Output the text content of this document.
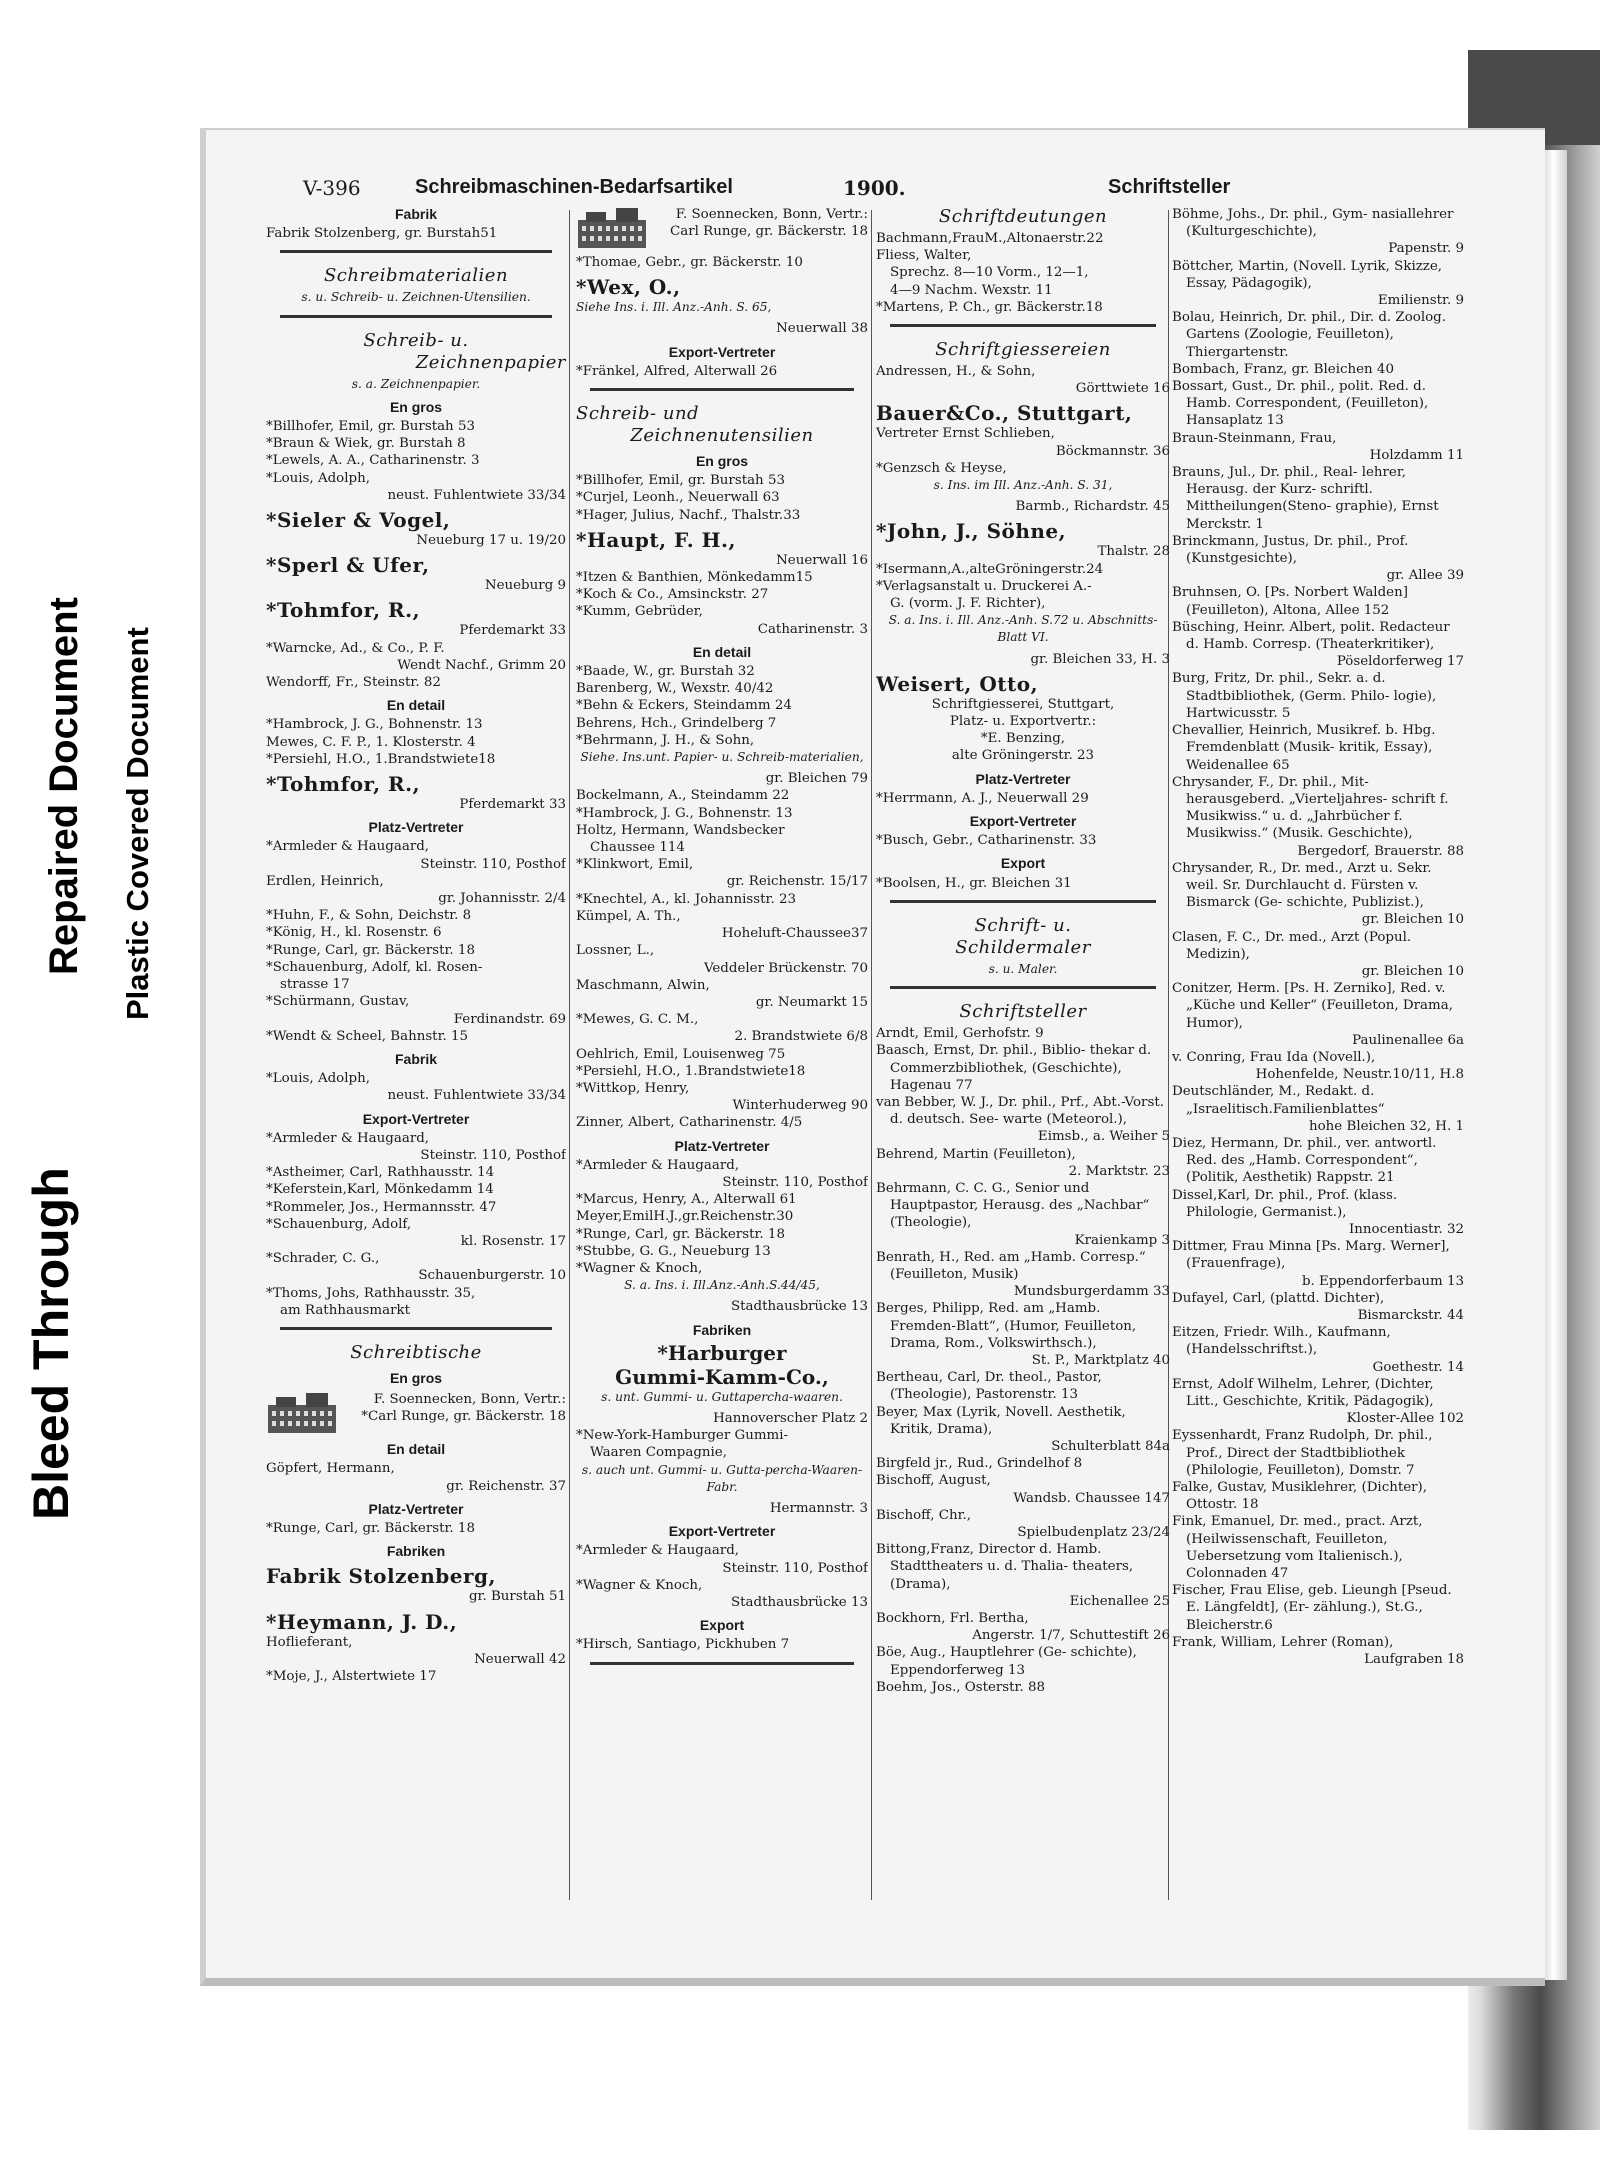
Bleed Through
Repaired Document Plastic Covered Document
V-396	Schreibmaschinen-Bedarfsartikel	1900.	Schriftsteller
Fabrik

Fabrik Stolzenberg, gr. Burstah51

Schreibmaterialien
s. u. Schreib- u. Zeichnen-Utensilien.
Schreib- u.
Zeichnenpapier
s. a. Zeichnenpapier.
En gros

*Billhofer, Emil, gr. Burstah 53

*Braun & Wiek, gr. Burstah 8

*Lewels, A. A., Catharinenstr. 3

*Louis, Adolph,
neust. Fuhlentwiete 33/34

*Sieler & Vogel,
Neueburg 17 u. 19/20
*Sperl & Ufer,
Neueburg 9
*Tohmfor, R.,
Pferdemarkt 33

*Warncke, Ad., & Co., P. F.
Wendt Nachf., Grimm 20

Wendorff, Fr., Steinstr. 82

En detail

*Hambrock, J. G., Bohnenstr. 13

Mewes, C. F. P., 1. Klosterstr. 4

*Persiehl, H.O., 1.Brandstwiete18

*Tohmfor, R.,
Pferdemarkt 33
Platz-Vertreter

*Armleder & Haugaard,
Steinstr. 110, Posthof

Erdlen, Heinrich,
gr. Johannisstr. 2/4

*Huhn, F., & Sohn, Deichstr. 8

*König, H., kl. Rosenstr. 6

*Runge, Carl, gr. Bäckerstr. 18

*Schauenburg, Adolf, kl. Rosen-
strasse 17

*Schürmann, Gustav,
Ferdinandstr. 69

*Wendt & Scheel, Bahnstr. 15

Fabrik

*Louis, Adolph,
neust. Fuhlentwiete 33/34

Export-Vertreter

*Armleder & Haugaard,
Steinstr. 110, Posthof

*Astheimer, Carl, Rathhausstr. 14

*Keferstein,Karl, Mönkedamm 14

*Rommeler, Jos., Hermannsstr. 47

*Schauenburg, Adolf,
kl. Rosenstr. 17

*Schrader, C. G.,
Schauenburgerstr. 10

*Thoms, Johs, Rathhausstr. 35,
am Rathhausmarkt

Schreibtische
En gros
F. Soennecken, Bonn, Vertr.: *Carl Runge, gr. Bäckerstr. 18
En detail

Göpfert, Hermann,
gr. Reichenstr. 37

Platz-Vertreter

*Runge, Carl, gr. Bäckerstr. 18

Fabriken
Fabrik Stolzenberg,
gr. Burstah 51
*Heymann, J. D.,

Hoflieferant,
Neuerwall 42

*Moje, J., Alstertwiete 17

F. Soennecken, Bonn, Vertr.: Carl Runge, gr. Bäckerstr. 18

*Thomae, Gebr., gr. Bäckerstr. 10

*Wex, O.,
Siehe Ins. i. Ill. Anz.-Anh. S. 65,
Neuerwall 38
Export-Vertreter

*Fränkel, Alfred, Alterwall 26

Schreib- und
Zeichnenutensilien
En gros

*Billhofer, Emil, gr. Burstah 53

*Curjel, Leonh., Neuerwall 63

*Hager, Julius, Nachf., Thalstr.33

*Haupt, F. H.,
Neuerwall 16

*Itzen & Banthien, Mönkedamm15

*Koch & Co., Amsinckstr. 27

*Kumm, Gebrüder,
Catharinenstr. 3

En detail

*Baade, W., gr. Burstah 32

Barenberg, W., Wexstr. 40/42

*Behn & Eckers, Steindamm 24

Behrens, Hch., Grindelberg 7

*Behrmann, J. H., & Sohn,

Siehe. Ins.unt. Papier- u. Schreib-materialien,
gr. Bleichen 79

Bockelmann, A., Steindamm 22

*Hambrock, J. G., Bohnenstr. 13

Holtz, Hermann, Wandsbecker
Chaussee 114

*Klinkwort, Emil,
gr. Reichenstr. 15/17

*Knechtel, A., kl. Johannisstr. 23

Kümpel, A. Th.,
Hoheluft-Chaussee37

Lossner, L.,
Veddeler Brückenstr. 70

Maschmann, Alwin,
gr. Neumarkt 15

*Mewes, G. C. M.,
2. Brandstwiete 6/8

Oehlrich, Emil, Louisenweg 75

*Persiehl, H.O., 1.Brandstwiete18

*Wittkop, Henry,
Winterhuderweg 90

Zinner, Albert, Catharinenstr. 4/5

Platz-Vertreter

*Armleder & Haugaard,
Steinstr. 110, Posthof

*Marcus, Henry, A., Alterwall 61

Meyer,EmilH.J.,gr.Reichenstr.30

*Runge, Carl, gr. Bäckerstr. 18

*Stubbe, G. G., Neueburg 13

*Wagner & Knoch,

S. a. Ins. i. Ill.Anz.-Anh.S.44/45,
Stadthausbrücke 13
Fabriken
*Harburger
Gummi-Kamm-Co.,
s. unt. Gummi- u. Guttapercha-waaren.
Hannoverscher Platz 2

*New-York-Hamburger Gummi-
Waaren Compagnie,

s. auch unt. Gummi- u. Gutta-percha-Waaren-Fabr.
Hermannstr. 3
Export-Vertreter

*Armleder & Haugaard,
Steinstr. 110, Posthof

*Wagner & Knoch,
Stadthausbrücke 13

Export

*Hirsch, Santiago, Pickhuben 7

Schriftdeutungen

Bachmann,FrauM.,Altonaerstr.22

Fliess, Walter,
Sprechz. 8—10 Vorm., 12—1,
4—9 Nachm. Wexstr. 11

*Martens, P. Ch., gr. Bäckerstr.18

Schriftgiessereien

Andressen, H., & Sohn,
Görttwiete 16

Bauer&Co., Stuttgart,

Vertreter Ernst Schlieben,
Böckmannstr. 36

*Genzsch & Heyse,

s. Ins. im Ill. Anz.-Anh. S. 31,
Barmb., Richardstr. 45
*John, J., Söhne,
Thalstr. 28

*Isermann,A.,alteGröningerstr.24

*Verlagsanstalt u. Druckerei A.-
G. (vorm. J. F. Richter),

S. a. Ins. i. Ill. Anz.-Anh. S.72 u. Abschnitts-Blatt VI.
gr. Bleichen 33, H. 3
Weisert, Otto,

Schriftgiesserei, Stuttgart,
Platz- u. Exportvertr.:
*E. Benzing,
alte Gröningerstr. 23

Platz-Vertreter

*Herrmann, A. J., Neuerwall 29

Export-Vertreter

*Busch, Gebr., Catharinenstr. 33

Export

*Boolsen, H., gr. Bleichen 31

Schrift- u.
Schildermaler
s. u. Maler.
Schriftsteller

Arndt, Emil, Gerhofstr. 9

Baasch, Ernst, Dr. phil., Biblio- thekar d. Commerzbibliothek, (Geschichte), Hagenau 77

van Bebber, W. J., Dr. phil., Prf., Abt.-Vorst. d. deutsch. See- warte (Meteorol.),
Eimsb., a. Weiher 5

Behrend, Martin (Feuilleton),
2. Marktstr. 23

Behrmann, C. C. G., Senior und Hauptpastor, Herausg. des „Nachbar“ (Theologie),
Kraienkamp 3

Benrath, H., Red. am „Hamb. Corresp.“ (Feuilleton, Musik)
Mundsburgerdamm 33

Berges, Philipp, Red. am „Hamb. Fremden-Blatt“, (Humor, Feuilleton, Drama, Rom., Volkswirthsch.),
St. P., Marktplatz 40

Bertheau, Carl, Dr. theol., Pastor, (Theologie), Pastorenstr. 13

Beyer, Max (Lyrik, Novell. Aesthetik, Kritik, Drama),
Schulterblatt 84a

Birgfeld jr., Rud., Grindelhof 8

Bischoff, August,
Wandsb. Chaussee 147

Bischoff, Chr.,
Spielbudenplatz 23/24

Bittong,Franz, Director d. Hamb. Stadttheaters u. d. Thalia- theaters, (Drama),
Eichenallee 25

Bockhorn, Frl. Bertha,
Angerstr. 1/7, Schuttestift 26

Böe, Aug., Hauptlehrer (Ge- schichte), Eppendorferweg 13

Boehm, Jos., Osterstr. 88

Böhme, Johs., Dr. phil., Gym- nasiallehrer (Kulturgeschichte),
Papenstr. 9

Böttcher, Martin, (Novell. Lyrik, Skizze, Essay, Pädagogik),
Emilienstr. 9

Bolau, Heinrich, Dr. phil., Dir. d. Zoolog. Gartens (Zoologie, Feuilleton), Thiergartenstr.

Bombach, Franz, gr. Bleichen 40

Bossart, Gust., Dr. phil., polit. Red. d. Hamb. Correspondent, (Feuilleton), Hansaplatz 13

Braun-Steinmann, Frau,
Holzdamm 11

Brauns, Jul., Dr. phil., Real- lehrer, Herausg. der Kurz- schriftl. Mittheilungen(Steno- graphie), Ernst Merckstr. 1

Brinckmann, Justus, Dr. phil., Prof. (Kunstgesichte),
gr. Allee 39

Bruhnsen, O. [Ps. Norbert Walden] (Feuilleton), Altona, Allee 152

Büsching, Heinr. Albert, polit. Redacteur d. Hamb. Corresp. (Theaterkritiker),
Pöseldorferweg 17

Burg, Fritz, Dr. phil., Sekr. a. d. Stadtbibliothek, (Germ. Philo- logie), Hartwicusstr. 5

Chevallier, Heinrich, Musikref. b. Hbg. Fremdenblatt (Musik- kritik, Essay), Weidenallee 65

Chrysander, F., Dr. phil., Mit- herausgeberd. „Vierteljahres- schrift f. Musikwiss.“ u. d. „Jahrbücher f. Musikwiss.“ (Musik. Geschichte),
Bergedorf, Brauerstr. 88

Chrysander, R., Dr. med., Arzt u. Sekr. weil. Sr. Durchlaucht d. Fürsten v. Bismarck (Ge- schichte, Publizist.),
gr. Bleichen 10

Clasen, F. C., Dr. med., Arzt (Popul. Medizin),
gr. Bleichen 10

Conitzer, Herm. [Ps. H. Zerniko], Red. v. „Küche und Keller“ (Feuilleton, Drama, Humor),
Paulinenallee 6a

v. Conring, Frau Ida (Novell.),
Hohenfelde, Neustr.10/11, H.8

Deutschländer, M., Redakt. d. „Israelitisch.Familienblattes“
hohe Bleichen 32, H. 1

Diez, Hermann, Dr. phil., ver. antwortl. Red. des „Hamb. Correspondent“, (Politik, Aesthetik) Rappstr. 21

Dissel,Karl, Dr. phil., Prof. (klass. Philologie, Germanist.),
Innocentiastr. 32

Dittmer, Frau Minna [Ps. Marg. Werner], (Frauenfrage),
b. Eppendorferbaum 13

Dufayel, Carl, (plattd. Dichter),
Bismarckstr. 44

Eitzen, Friedr. Wilh., Kaufmann, (Handelsschriftst.),
Goethestr. 14

Ernst, Adolf Wilhelm, Lehrer, (Dichter, Litt., Geschichte, Kritik, Pädagogik),
Kloster-Allee 102

Eyssenhardt, Franz Rudolph, Dr. phil., Prof., Direct der Stadtbibliothek (Philologie, Feuilleton), Domstr. 7

Falke, Gustav, Musiklehrer, (Dichter), Ottostr. 18

Fink, Emanuel, Dr. med., pract. Arzt, (Heilwissenschaft, Feuilleton, Uebersetzung vom Italienisch.), Colonnaden 47

Fischer, Frau Elise, geb. Lieungh [Pseud. E. Längfeldt], (Er- zählung.), St.G., Bleicherstr.6

Frank, William, Lehrer (Roman),
Laufgraben 18
